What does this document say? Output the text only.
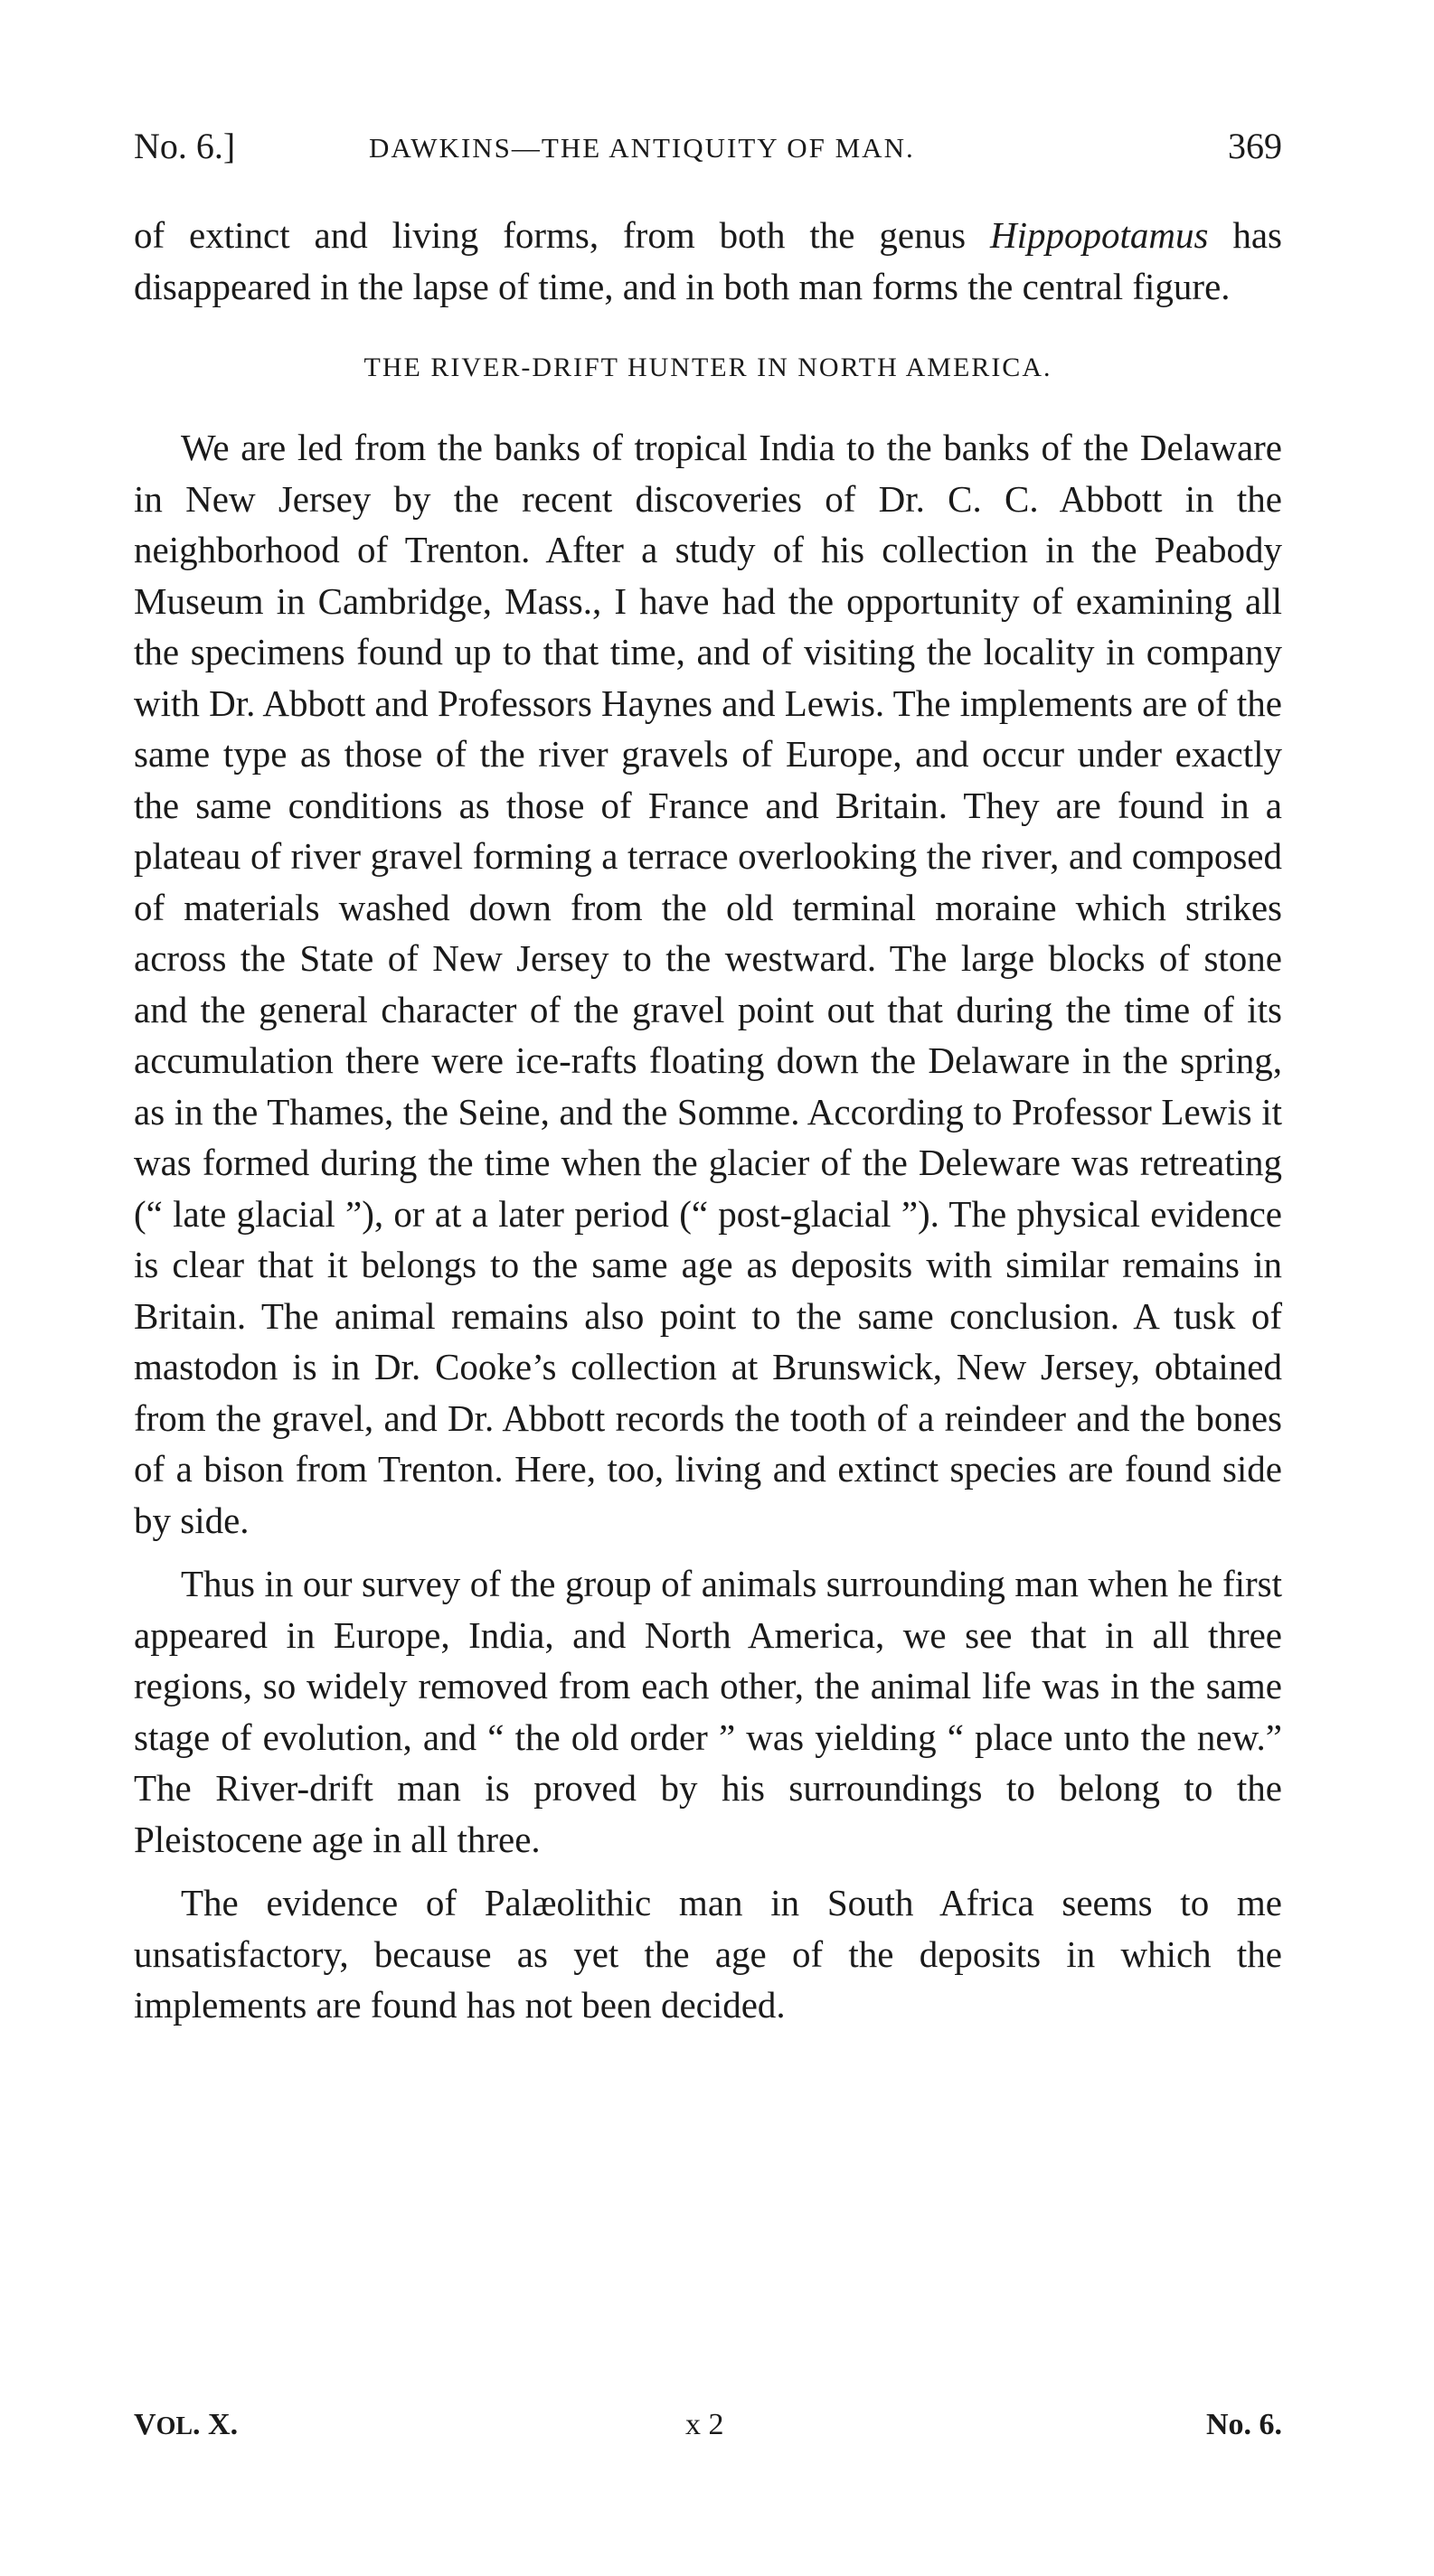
No. 6.]	DAWKINS—THE ANTIQUITY OF MAN.	369

of extinct and living forms, from both the genus Hippopotamus has disappeared in the lapse of time, and in both man forms the central figure.

THE RIVER-DRIFT HUNTER IN NORTH AMERICA.

We are led from the banks of tropical India to the banks of the Delaware in New Jersey by the recent discoveries of Dr. C. C. Abbott in the neighborhood of Trenton. After a study of his collection in the Peabody Museum in Cambridge, Mass., I have had the opportunity of examining all the specimens found up to that time, and of visiting the locality in company with Dr. Abbott and Professors Haynes and Lewis. The implements are of the same type as those of the river gravels of Europe, and occur under exactly the same conditions as those of France and Britain. They are found in a plateau of river gravel forming a terrace overlooking the river, and composed of materials washed down from the old terminal moraine which strikes across the State of New Jersey to the westward. The large blocks of stone and the general character of the gravel point out that during the time of its accumulation there were ice-rafts floating down the Delaware in the spring, as in the Thames, the Seine, and the Somme. According to Professor Lewis it was formed during the time when the glacier of the Deleware was retreating (“ late glacial ”), or at a later period (“ post-glacial ”). The physical evidence is clear that it belongs to the same age as deposits with similar remains in Britain. The animal remains also point to the same conclusion. A tusk of mastodon is in Dr. Cooke’s collection at Brunswick, New Jersey, obtained from the gravel, and Dr. Abbott records the tooth of a reindeer and the bones of a bison from Trenton. Here, too, living and extinct species are found side by side.

Thus in our survey of the group of animals surrounding man when he first appeared in Europe, India, and North America, we see that in all three regions, so widely removed from each other, the animal life was in the same stage of evolution, and “ the old order ” was yielding “ place unto the new.” The River-drift man is proved by his surroundings to belong to the Pleistocene age in all three.

The evidence of Palæolithic man in South Africa seems to me unsatisfactory, because as yet the age of the deposits in which the implements are found has not been decided.

VOL. X.	x 2	No. 6.
